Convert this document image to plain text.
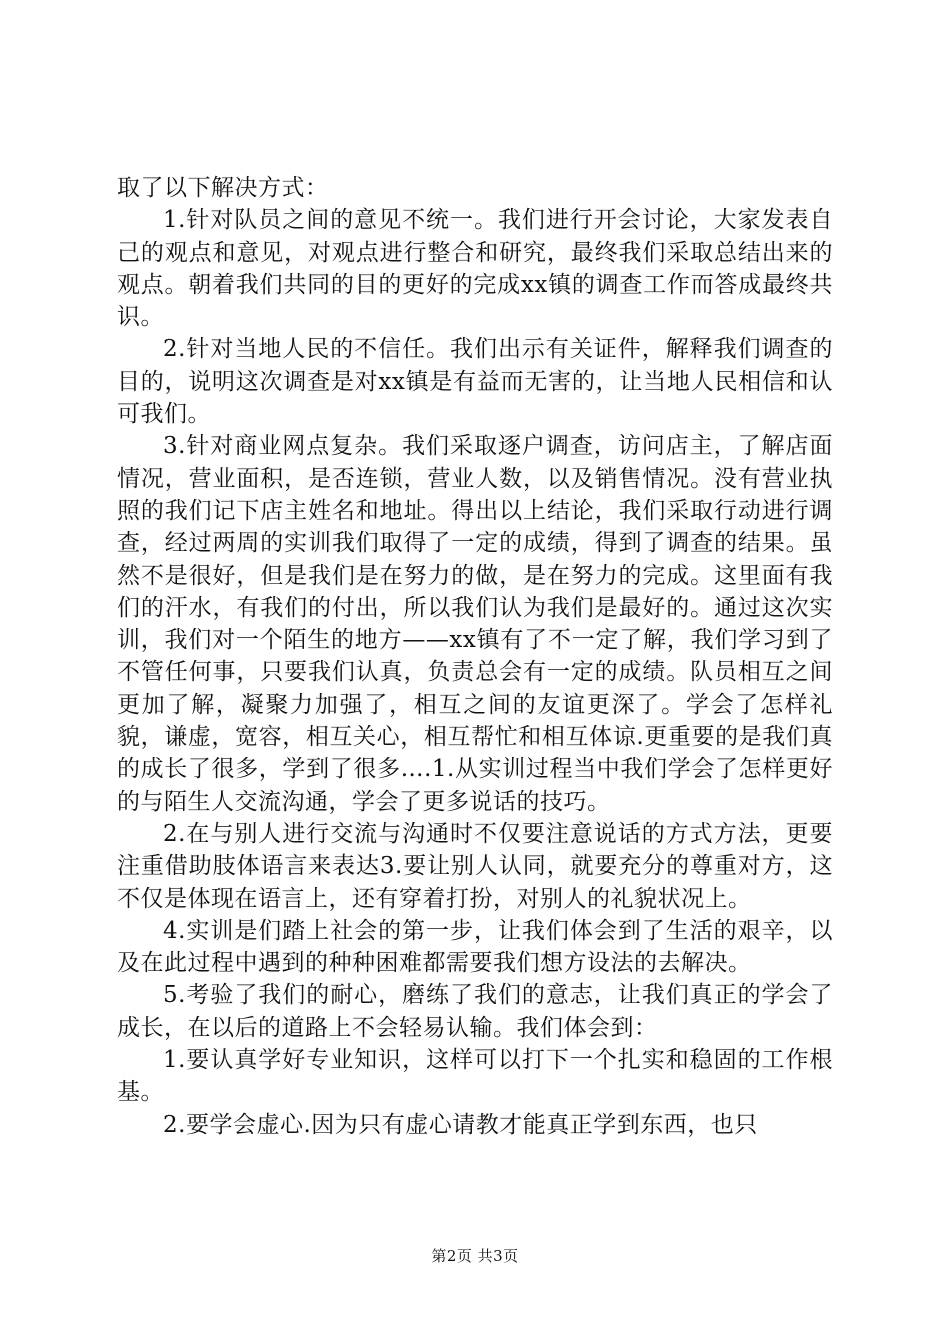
取了以下解决方式：

1.针对队员之间的意见不统一。我们进行开会讨论，大家发表自己的观点和意见，对观点进行整合和研究，最终我们采取总结出来的观点。朝着我们共同的目的更好的完成xx镇的调查工作而答成最终共识。

2.针对当地人民的不信任。我们出示有关证件，解释我们调查的目的，说明这次调查是对xx镇是有益而无害的，让当地人民相信和认可我们。

3.针对商业网点复杂。我们采取逐户调查，访问店主，了解店面情况，营业面积，是否连锁，营业人数，以及销售情况。没有营业执照的我们记下店主姓名和地址。得出以上结论，我们采取行动进行调查，经过两周的实训我们取得了一定的成绩，得到了调查的结果。虽然不是很好，但是我们是在努力的做，是在努力的完成。这里面有我们的汗水，有我们的付出，所以我们认为我们是最好的。通过这次实训，我们对一个陌生的地方——xx镇有了不一定了解，我们学习到了不管任何事，只要我们认真，负责总会有一定的成绩。队员相互之间更加了解，凝聚力加强了，相互之间的友谊更深了。学会了怎样礼貌，谦虚，宽容，相互关心，相互帮忙和相互体谅.更重要的是我们真的成长了很多，学到了很多….1.从实训过程当中我们学会了怎样更好的与陌生人交流沟通，学会了更多说话的技巧。

2.在与别人进行交流与沟通时不仅要注意说话的方式方法，更要注重借助肢体语言来表达3.要让别人认同，就要充分的尊重对方，这不仅是体现在语言上，还有穿着打扮，对别人的礼貌状况上。

4.实训是们踏上社会的第一步，让我们体会到了生活的艰辛，以及在此过程中遇到的种种困难都需要我们想方设法的去解决。

5.考验了我们的耐心，磨练了我们的意志，让我们真正的学会了成长，在以后的道路上不会轻易认输。我们体会到：

1.要认真学好专业知识，这样可以打下一个扎实和稳固的工作根基。

2.要学会虚心.因为只有虚心请教才能真正学到东西，也只

第2页 共3页
